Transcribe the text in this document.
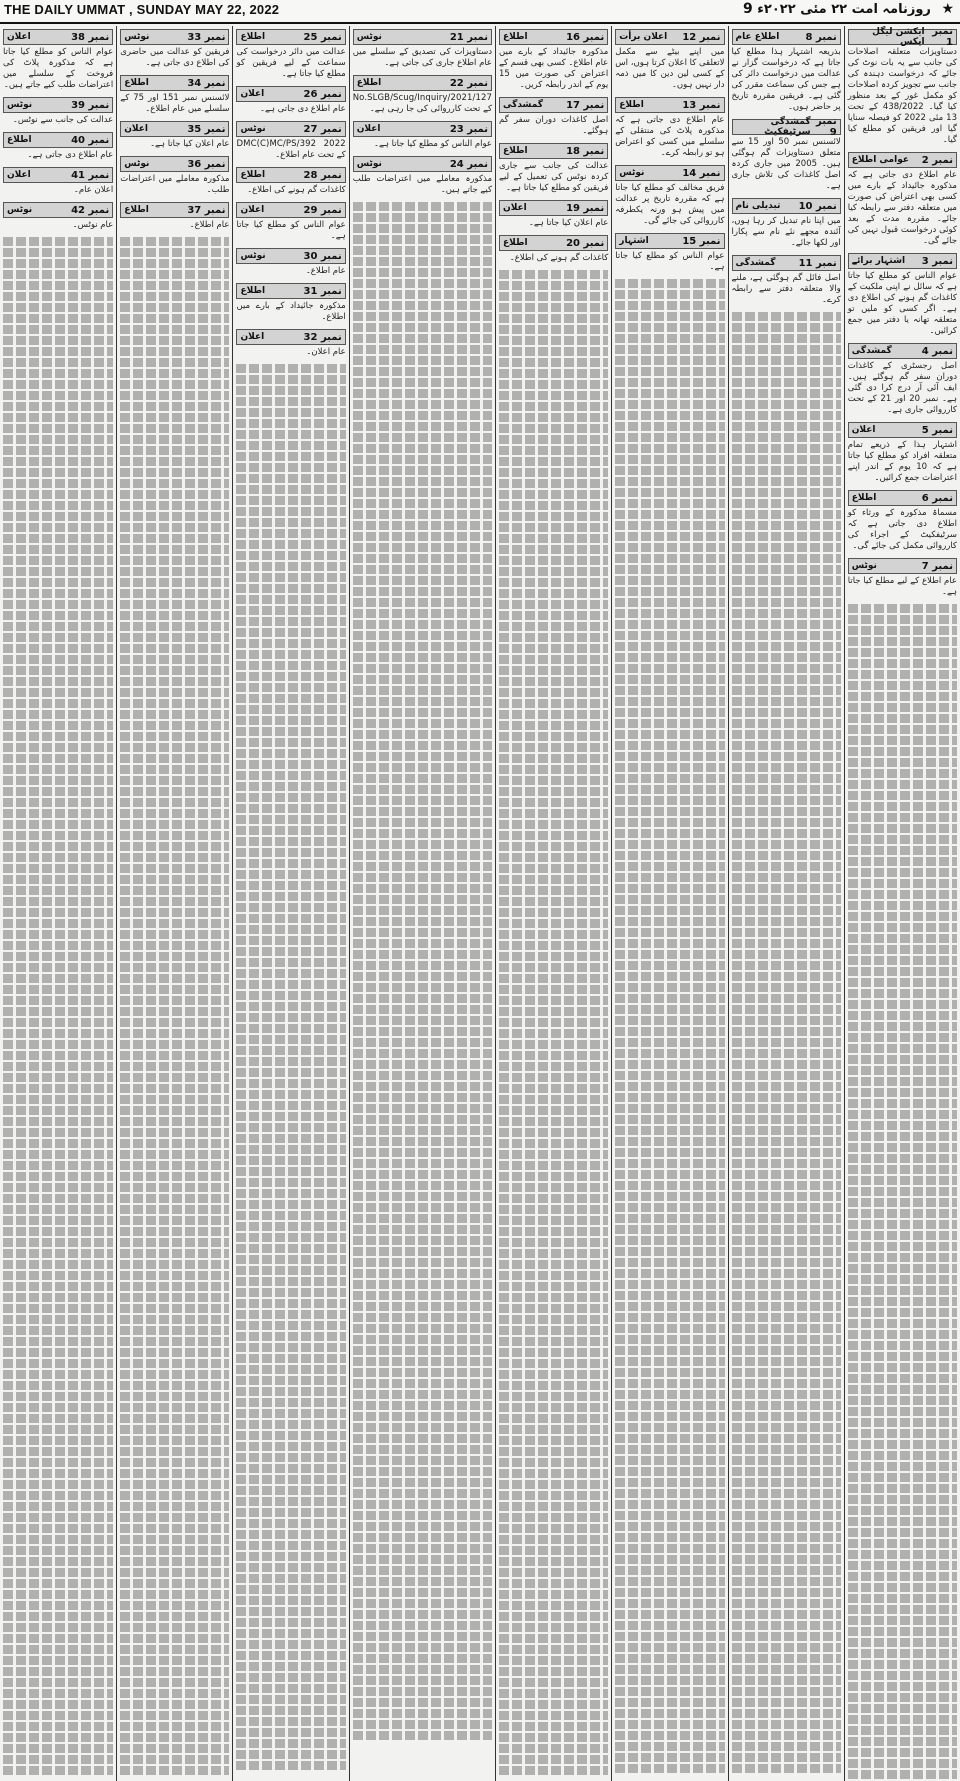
THE DAILY UMMAT , SUNDAY MAY 22, 2022	روزنامہ امت ۲۲ مئی ۲۰۲۲ء 9	★
نمبر 38
اعلان
عوام الناس کو مطلع کیا جاتا ہے کہ مذکورہ پلاٹ کی فروخت کے سلسلے میں اعتراضات طلب کیے جاتے ہیں۔
نمبر 39
نوٹس
عدالت کی جانب سے نوٹس۔
نمبر 40
اطلاع
عام اطلاع دی جاتی ہے۔
نمبر 41
اعلان
اعلان عام۔
نمبر 42
نوٹس
عام نوٹس۔
نمبر 33
نوٹس
فریقین کو عدالت میں حاضری کی اطلاع دی جاتی ہے۔
نمبر 34
اطلاع
لائسنس نمبر 151 اور 75 کے سلسلے میں عام اطلاع۔
نمبر 35
اعلان
عام اعلان کیا جاتا ہے۔
نمبر 36
نوٹس
مذکورہ معاملے میں اعتراضات طلب۔
نمبر 37
اطلاع
عام اطلاع۔
نمبر 25
اطلاع
عدالت میں دائر درخواست کی سماعت کے لیے فریقین کو مطلع کیا جاتا ہے۔
نمبر 26
اعلان
عام اطلاع دی جاتی ہے۔
نمبر 27
نوٹس
DMC(C)MC/PS/392 2022 کے تحت عام اطلاع۔
نمبر 28
اطلاع
کاغذات گم ہونے کی اطلاع۔
نمبر 29
اعلان
عوام الناس کو مطلع کیا جاتا ہے۔
نمبر 30
نوٹس
عام اطلاع۔
نمبر 31
اطلاع
مذکورہ جائیداد کے بارے میں اطلاع۔
نمبر 32
اعلان
عام اعلان۔
نمبر 21
نوٹس
دستاویزات کی تصدیق کے سلسلے میں عام اطلاع جاری کی جاتی ہے۔
نمبر 22
اطلاع
No.SLGB/Scug/Inquiry/2021/127 کے تحت کارروائی کی جا رہی ہے۔
نمبر 23
اعلان
عوام الناس کو مطلع کیا جاتا ہے۔
نمبر 24
نوٹس
مذکورہ معاملے میں اعتراضات طلب کیے جاتے ہیں۔
نمبر 16
اطلاع
مذکورہ جائیداد کے بارے میں عام اطلاع۔ کسی بھی قسم کے اعتراض کی صورت میں 15 یوم کے اندر رابطہ کریں۔
نمبر 17
گمشدگی
اصل کاغذات دوران سفر گم ہوگئے۔
نمبر 18
اطلاع
عدالت کی جانب سے جاری کردہ نوٹس کی تعمیل کے لیے فریقین کو مطلع کیا جاتا ہے۔
نمبر 19
اعلان
عام اعلان کیا جاتا ہے۔
نمبر 20
اطلاع
کاغذات گم ہونے کی اطلاع۔
نمبر 12
اعلان برأت
میں اپنے بیٹے سے مکمل لاتعلقی کا اعلان کرتا ہوں، اس کے کسی لین دین کا میں ذمہ دار نہیں ہوں۔
نمبر 13
اطلاع
عام اطلاع دی جاتی ہے کہ مذکورہ پلاٹ کی منتقلی کے سلسلے میں کسی کو اعتراض ہو تو رابطہ کرے۔
نمبر 14
نوٹس
فریق مخالف کو مطلع کیا جاتا ہے کہ مقررہ تاریخ پر عدالت میں پیش ہو ورنہ یکطرفہ کارروائی کی جائے گی۔
نمبر 15
اشتہار
عوام الناس کو مطلع کیا جاتا ہے۔
نمبر 8
اطلاع عام
بذریعہ اشتہار ہذا مطلع کیا جاتا ہے کہ درخواست گزار نے عدالت میں درخواست دائر کی ہے جس کی سماعت مقرر کی گئی ہے۔ فریقین مقررہ تاریخ پر حاضر ہوں۔
نمبر 9
گمشدگی سرٹیفکیٹ
لائسنس نمبر 50 اور 15 سے متعلق دستاویزات گم ہوگئی ہیں۔ 2005 میں جاری کردہ اصل کاغذات کی تلاش جاری ہے۔
نمبر 10
تبدیلی نام
میں اپنا نام تبدیل کر رہا ہوں، آئندہ مجھے نئے نام سے پکارا اور لکھا جائے۔
نمبر 11
گمشدگی
اصل فائل گم ہوگئی ہے، ملنے والا متعلقہ دفتر سے رابطہ کرے۔
نمبر 1
ایکشن لیگل ایکس
دستاویزات متعلقہ اصلاحات کی جانب سے یہ بات نوٹ کی جائے کہ درخواست دہندہ کی جانب سے تجویز کردہ اصلاحات کو مکمل غور کے بعد منظور کیا گیا۔ 438/2022 کے تحت 13 مئی 2022 کو فیصلہ سنایا گیا اور فریقین کو مطلع کیا گیا۔
نمبر 2
عوامی اطلاع
عام اطلاع دی جاتی ہے کہ مذکورہ جائیداد کے بارے میں کسی بھی اعتراض کی صورت میں متعلقہ دفتر سے رابطہ کیا جائے۔ مقررہ مدت کے بعد کوئی درخواست قبول نہیں کی جائے گی۔
نمبر 3
اشتہار برائے
عوام الناس کو مطلع کیا جاتا ہے کہ سائل نے اپنی ملکیت کے کاغذات گم ہونے کی اطلاع دی ہے۔ اگر کسی کو ملیں تو متعلقہ تھانہ یا دفتر میں جمع کرائیں۔
نمبر 4
گمشدگی
اصل رجسٹری کے کاغذات دوران سفر گم ہوگئے ہیں۔ ایف آئی آر درج کرا دی گئی ہے۔ نمبر 20 اور 21 کے تحت کارروائی جاری ہے۔
نمبر 5
اعلان
اشتہار ہذا کے ذریعے تمام متعلقہ افراد کو مطلع کیا جاتا ہے کہ 10 یوم کے اندر اپنے اعتراضات جمع کرائیں۔
نمبر 6
اطلاع
مسماۃ مذکورہ کے ورثاء کو اطلاع دی جاتی ہے کہ سرٹیفکیٹ کے اجراء کی کارروائی مکمل کی جائے گی۔
نمبر 7
نوٹس
عام اطلاع کے لیے مطلع کیا جاتا ہے۔
